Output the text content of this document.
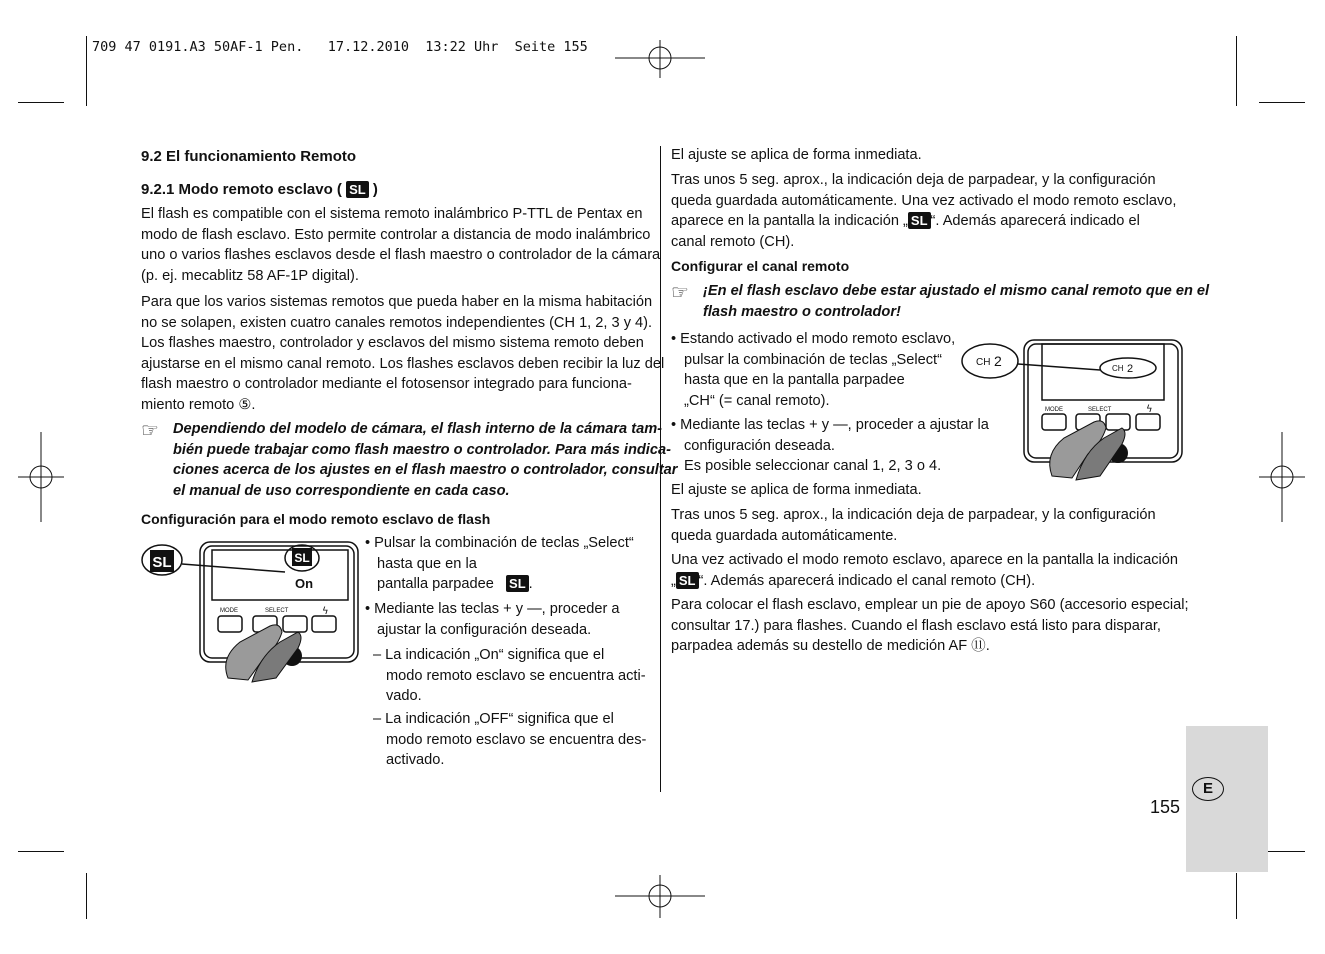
709 47 0191.A3 50AF-1 Pen.   17.12.2010  13:22 Uhr  Seite 155
9.2 El funcionamiento Remoto
9.2.1 Modo remoto esclavo ( SL )
El flash es compatible con el sistema remoto inalámbrico P-TTL de Pentax en
modo de flash esclavo. Esto permite controlar a distancia de modo inalámbrico
uno o varios flashes esclavos desde el flash maestro o controlador de la cámara
(p. ej. mecablitz 58 AF-1P digital).
Para que los varios sistemas remotos que pueda haber en la misma habitación
no se solapen, existen cuatro canales remotos independientes (CH 1, 2, 3 y 4).
Los flashes maestro, controlador y esclavos del mismo sistema remoto deben
ajustarse en el mismo canal remoto. Los flashes esclavos deben recibir la luz del
flash maestro o controlador mediante el fotosensor integrado para funciona-
miento remoto ⑤.
☞ Dependiendo del modelo de cámara, el flash interno de la cámara tam-
bién puede trabajar como flash maestro o controlador. Para más indica-
ciones acerca de los ajustes en el flash maestro o controlador, consultar
el manual de uso correspondiente en cada caso.
Configuración para el modo remoto esclavo de flash
SL	SL
On
MODE	SELECT	ϟ
• Pulsar la combinación de teclas „Select“
hasta que en la
pantalla parpadee SL .
• Mediante las teclas + y —, proceder a
ajustar la configuración deseada.
– La indicación „On“ significa que el
modo remoto esclavo se encuentra acti-
vado.
– La indicación „OFF“ significa que el
modo remoto esclavo se encuentra des-
activado.
El ajuste se aplica de forma inmediata.
Tras unos 5 seg. aprox., la indicación deja de parpadear, y la configuración
queda guardada automáticamente. Una vez activado el modo remoto esclavo,
aparece en la pantalla la indicación „ SL “. Además aparecerá indicado el
canal remoto (CH).
Configurar el canal remoto
☞ ¡En el flash esclavo debe estar ajustado el mismo canal remoto que en el
flash maestro o controlador!
• Estando activado el modo remoto esclavo,
pulsar la combinación de teclas „Select“
hasta que en la pantalla parpadee
„CH“ (= canal remoto).
• Mediante las teclas + y —, proceder a ajustar la
configuración deseada.
Es posible seleccionar canal 1, 2, 3 o 4.
CH 2	CH 2
MODE	SELECT	ϟ
El ajuste se aplica de forma inmediata.
Tras unos 5 seg. aprox., la indicación deja de parpadear, y la configuración
queda guardada automáticamente.
Una vez activado el modo remoto esclavo, aparece en la pantalla la indicación
„ SL “. Además aparecerá indicado el canal remoto (CH).
Para colocar el flash esclavo, emplear un pie de apoyo S60 (accesorio especial;
consultar 17.) para flashes. Cuando el flash esclavo está listo para disparar,
parpadea además su destello de medición AF ⑪.
E
155
